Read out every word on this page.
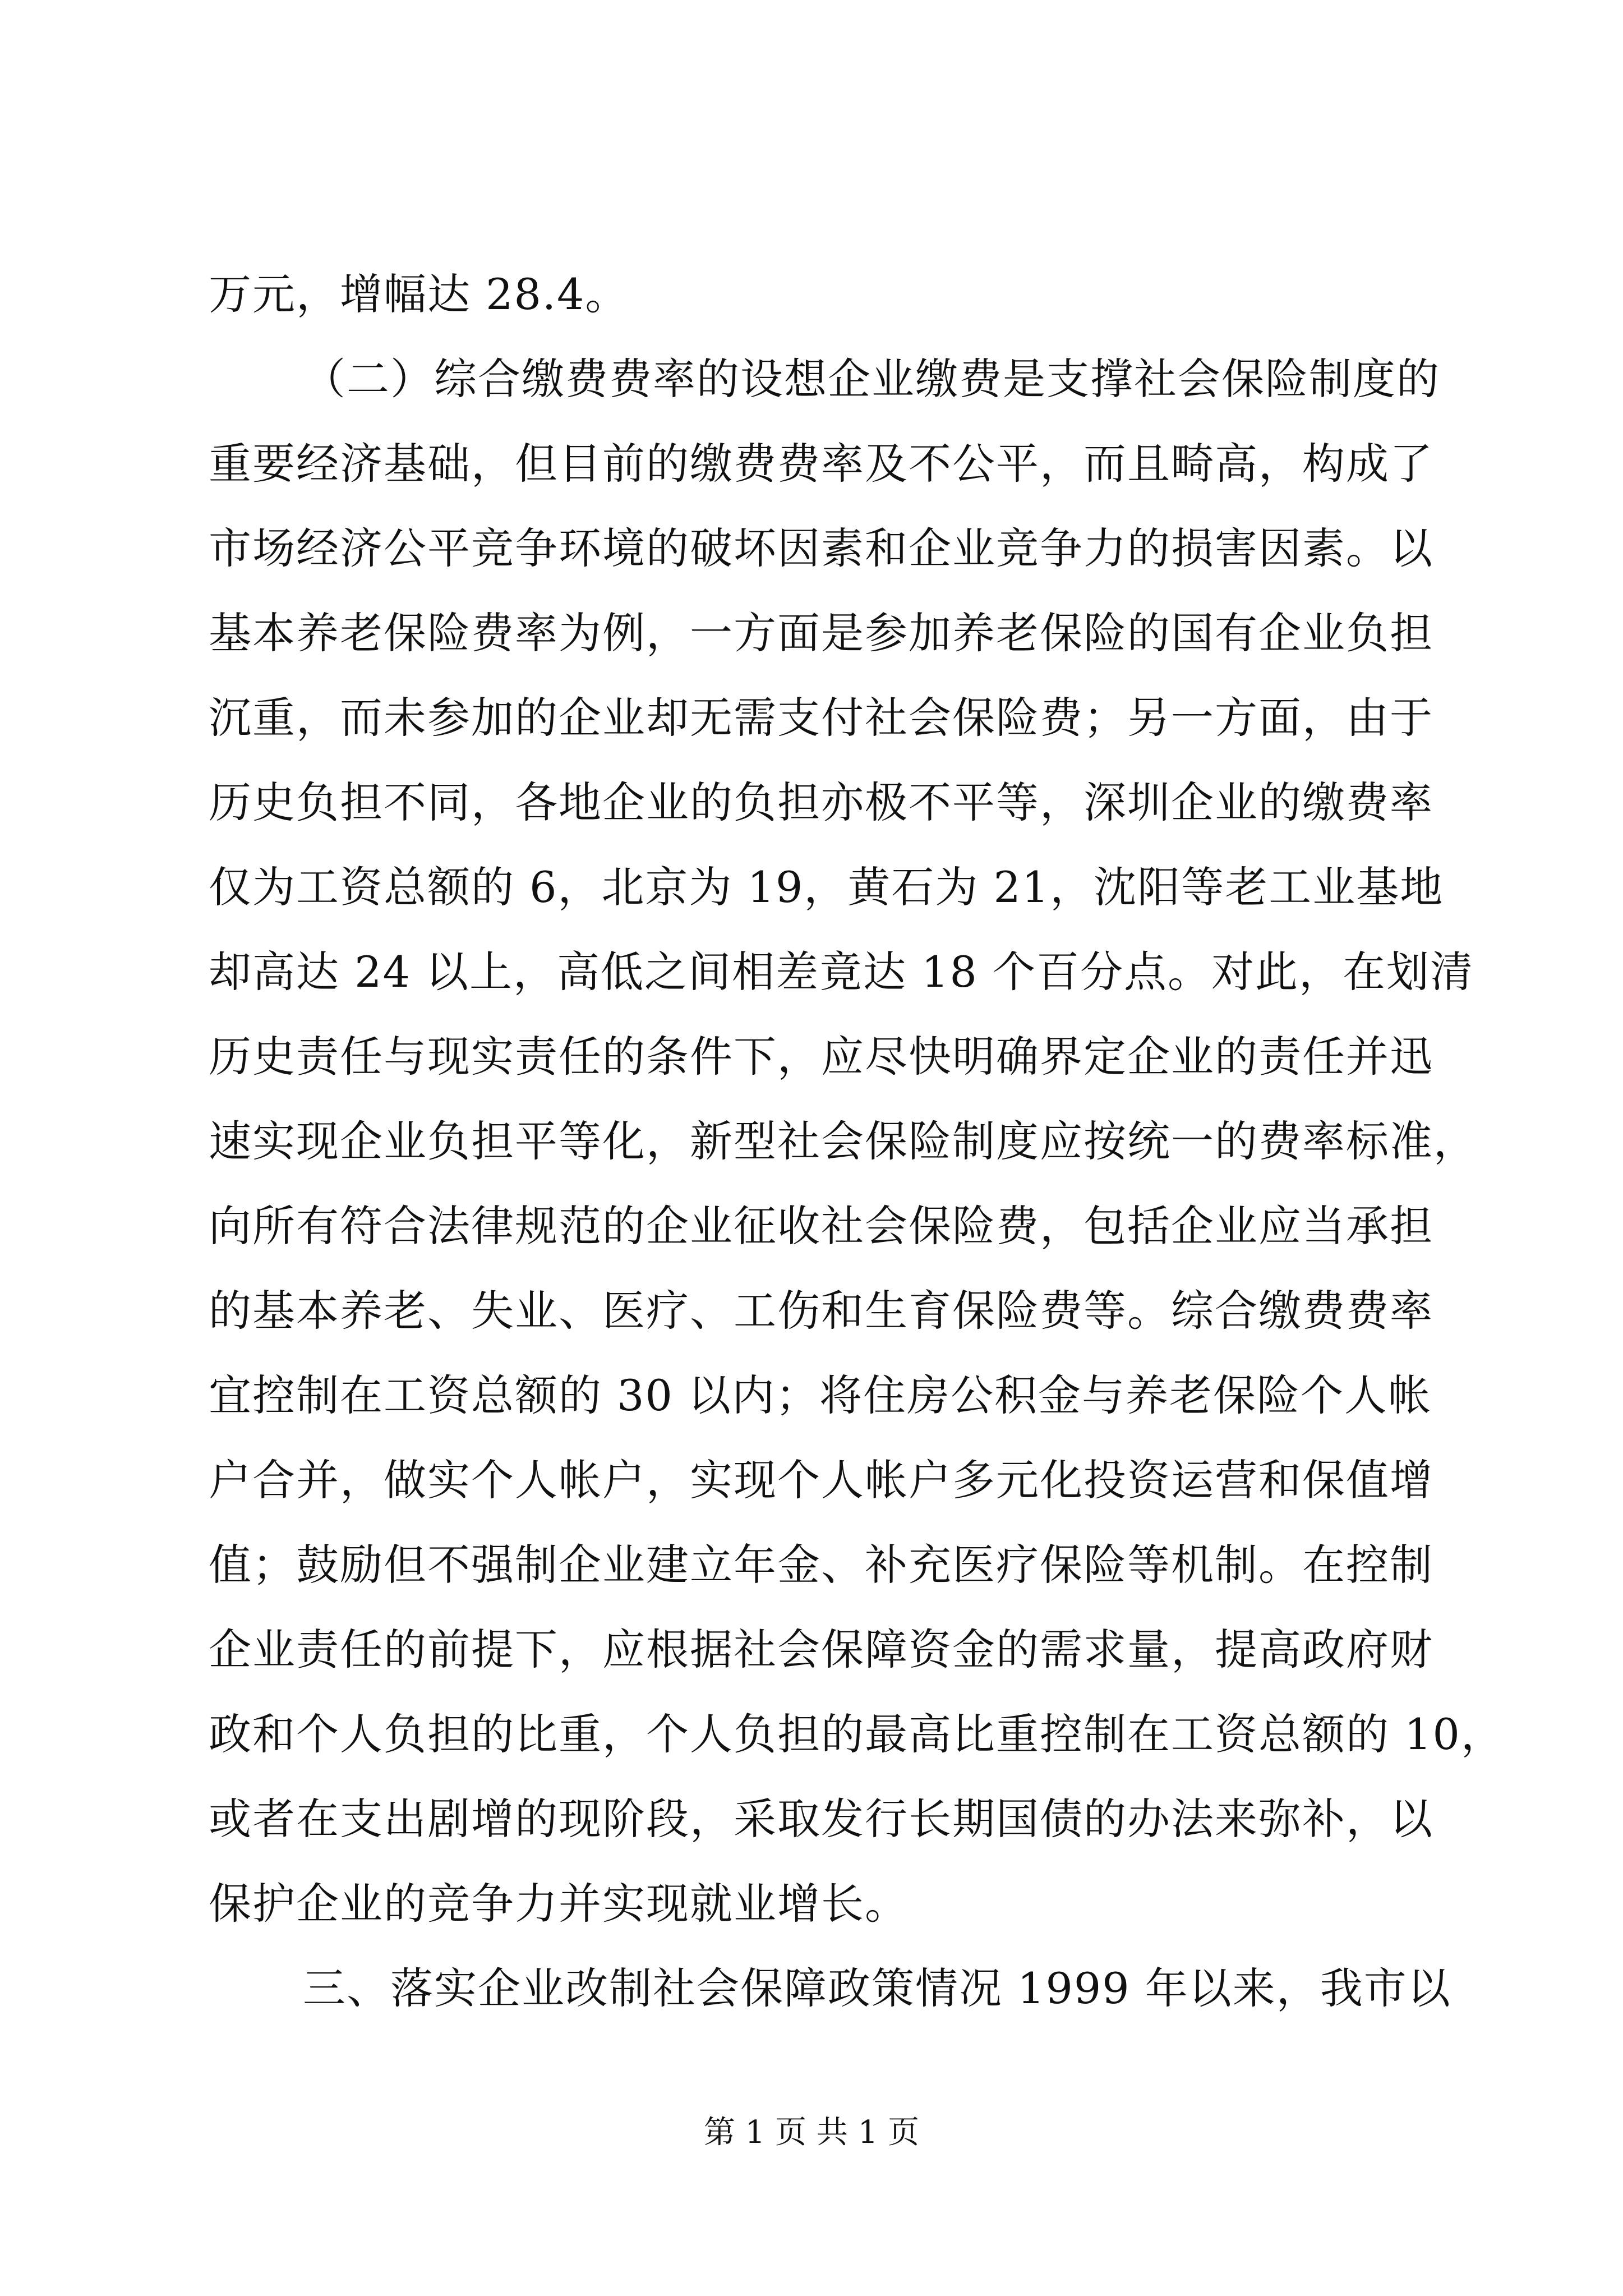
万元，增幅达 28.4。
（二）综合缴费费率的设想企业缴费是支撑社会保险制度的
重要经济基础，但目前的缴费费率及不公平，而且畸高，构成了
市场经济公平竞争环境的破坏因素和企业竞争力的损害因素。以
基本养老保险费率为例，一方面是参加养老保险的国有企业负担
沉重，而未参加的企业却无需支付社会保险费；另一方面，由于
历史负担不同，各地企业的负担亦极不平等，深圳企业的缴费率
仅为工资总额的 6，北京为 19，黄石为 21，沈阳等老工业基地
却高达 24 以上，高低之间相差竟达 18 个百分点。对此，在划清
历史责任与现实责任的条件下，应尽快明确界定企业的责任并迅
速实现企业负担平等化，新型社会保险制度应按统一的费率标准，
向所有符合法律规范的企业征收社会保险费，包括企业应当承担
的基本养老、失业、医疗、工伤和生育保险费等。综合缴费费率
宜控制在工资总额的 30 以内；将住房公积金与养老保险个人帐
户合并，做实个人帐户，实现个人帐户多元化投资运营和保值增
值；鼓励但不强制企业建立年金、补充医疗保险等机制。在控制
企业责任的前提下，应根据社会保障资金的需求量，提高政府财
政和个人负担的比重，个人负担的最高比重控制在工资总额的 10，
或者在支出剧增的现阶段，采取发行长期国债的办法来弥补，以
保护企业的竞争力并实现就业增长。
三、落实企业改制社会保障政策情况 1999 年以来，我市以
第 1 页 共 1 页
